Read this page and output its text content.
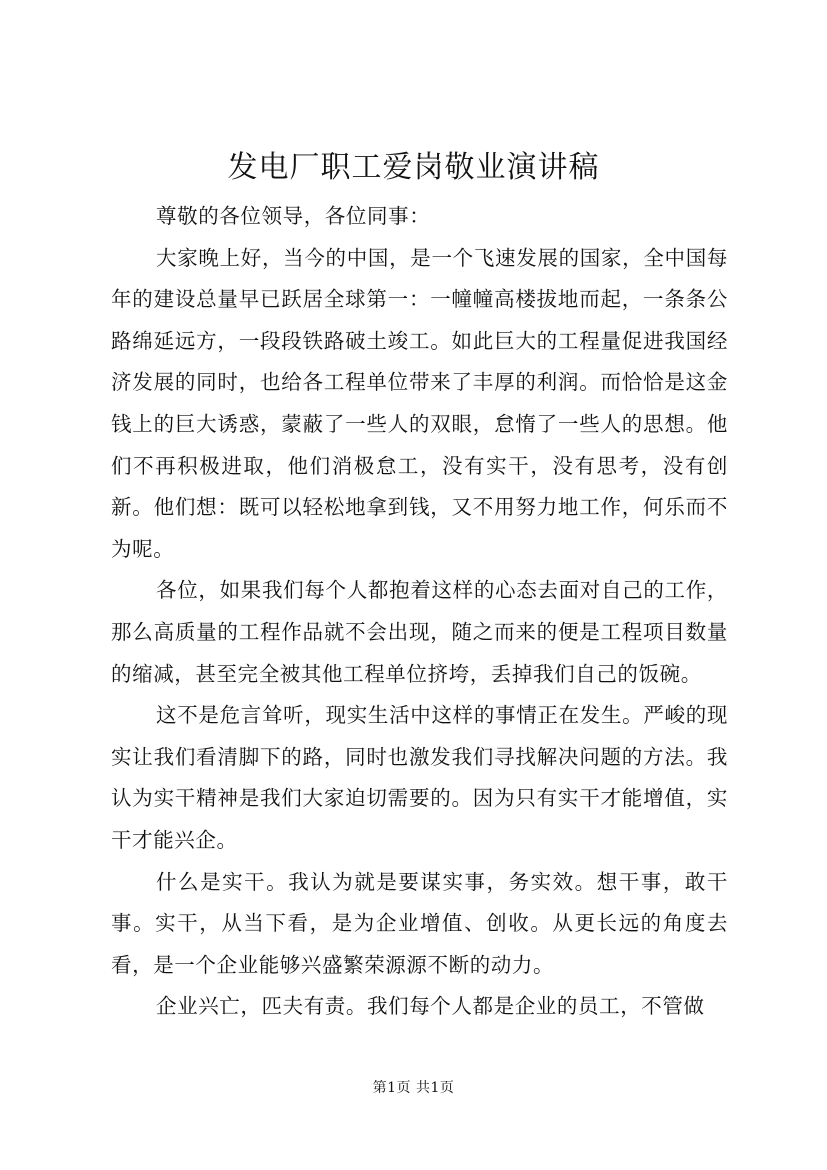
发电厂职工爱岗敬业演讲稿

尊敬的各位领导，各位同事：

大家晚上好，当今的中国，是一个飞速发展的国家，全中国每年的建设总量早已跃居全球第一：一幢幢高楼拔地而起，一条条公路绵延远方，一段段铁路破土竣工。如此巨大的工程量促进我国经济发展的同时，也给各工程单位带来了丰厚的利润。而恰恰是这金钱上的巨大诱惑，蒙蔽了一些人的双眼，怠惰了一些人的思想。他们不再积极进取，他们消极怠工，没有实干，没有思考，没有创新。他们想：既可以轻松地拿到钱，又不用努力地工作，何乐而不为呢。

各位，如果我们每个人都抱着这样的心态去面对自己的工作，那么高质量的工程作品就不会出现，随之而来的便是工程项目数量的缩减，甚至完全被其他工程单位挤垮，丢掉我们自己的饭碗。

这不是危言耸听，现实生活中这样的事情正在发生。严峻的现实让我们看清脚下的路，同时也激发我们寻找解决问题的方法。我认为实干精神是我们大家迫切需要的。因为只有实干才能增值，实干才能兴企。

什么是实干。我认为就是要谋实事，务实效。想干事，敢干事。实干，从当下看，是为企业增值、创收。从更长远的角度去看，是一个企业能够兴盛繁荣源源不断的动力。

企业兴亡，匹夫有责。我们每个人都是企业的员工，不管做

第1页 共1页
